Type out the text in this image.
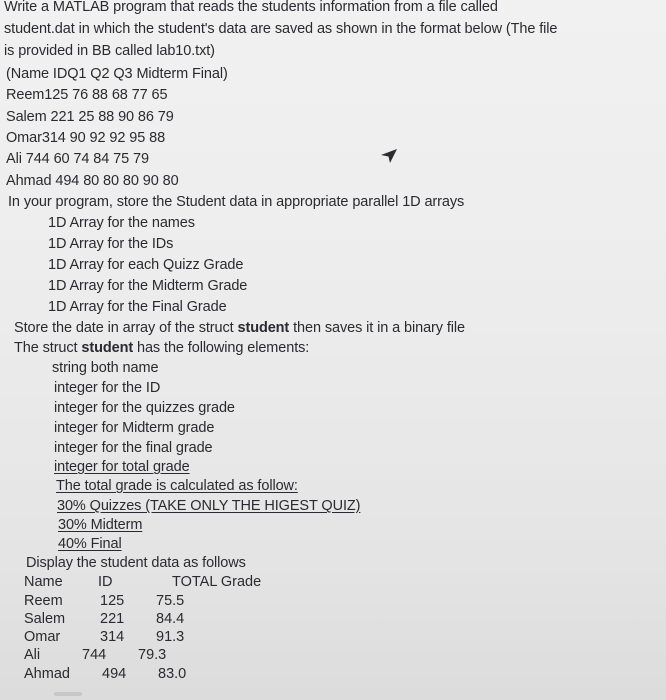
Write a MATLAB program that reads the students information from a file called
student.dat in which the student's data are saved as shown in the format below (The file
is provided in BB called lab10.txt)
(Name IDQ1 Q2 Q3 Midterm Final)
Reem125 76 88 68 77 65
Salem 221 25 88 90 86 79
Omar314 90 92 92 95 88
Ali 744 60 74 84 75 79
Ahmad 494 80 80 80 90 80
In your program, store the Student data in appropriate parallel 1D arrays
1D Array for the names
1D Array for the IDs
1D Array for each Quizz Grade
1D Array for the Midterm Grade
1D Array for the Final Grade
Store the date in array of the struct student then saves it in a binary file
The struct student has the following elements:
string both name
integer for the ID
integer for the quizzes grade
integer for Midterm grade
integer for the final grade
integer for total grade
The total grade is calculated as follow:
30% Quizzes (TAKE ONLY THE HIGEST QUIZ)
30% Midterm
40% Final
Display the student data as follows
Name ID	TOTAL Grade
Reem	125 75.5
Salem 221 84.4
Omar	314 91.3
Ali	744 79.3
Ahmad 494 83.0
